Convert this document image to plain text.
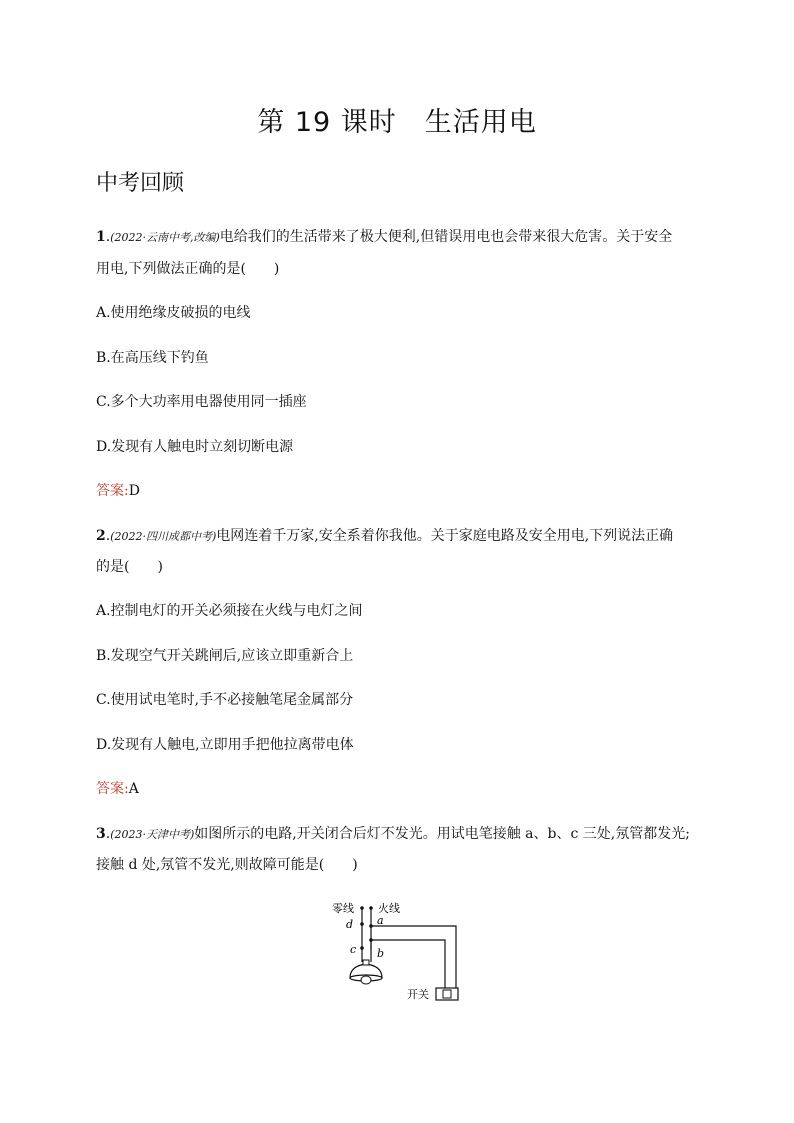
第 19 课时　生活用电
中考回顾
1.(2022·云南中考,改编)电给我们的生活带来了极大便利,但错误用电也会带来很大危害。关于安全
用电,下列做法正确的是(　　)
A.使用绝缘皮破损的电线
B.在高压线下钓鱼
C.多个大功率用电器使用同一插座
D.发现有人触电时立刻切断电源
答案:D
2.(2022·四川成都中考)电网连着千万家,安全系着你我他。关于家庭电路及安全用电,下列说法正确
的是(　　)
A.控制电灯的开关必须接在火线与电灯之间
B.发现空气开关跳闸后,应该立即重新合上
C.使用试电笔时,手不必接触笔尾金属部分
D.发现有人触电,立即用手把他拉离带电体
答案:A
3.(2023·天津中考)如图所示的电路,开关闭合后灯不发光。用试电笔接触 a、b、c 三处,氖管都发光;
接触 d 处,氖管不发光,则故障可能是(　　)
零线 火线
开关
d a
c b
